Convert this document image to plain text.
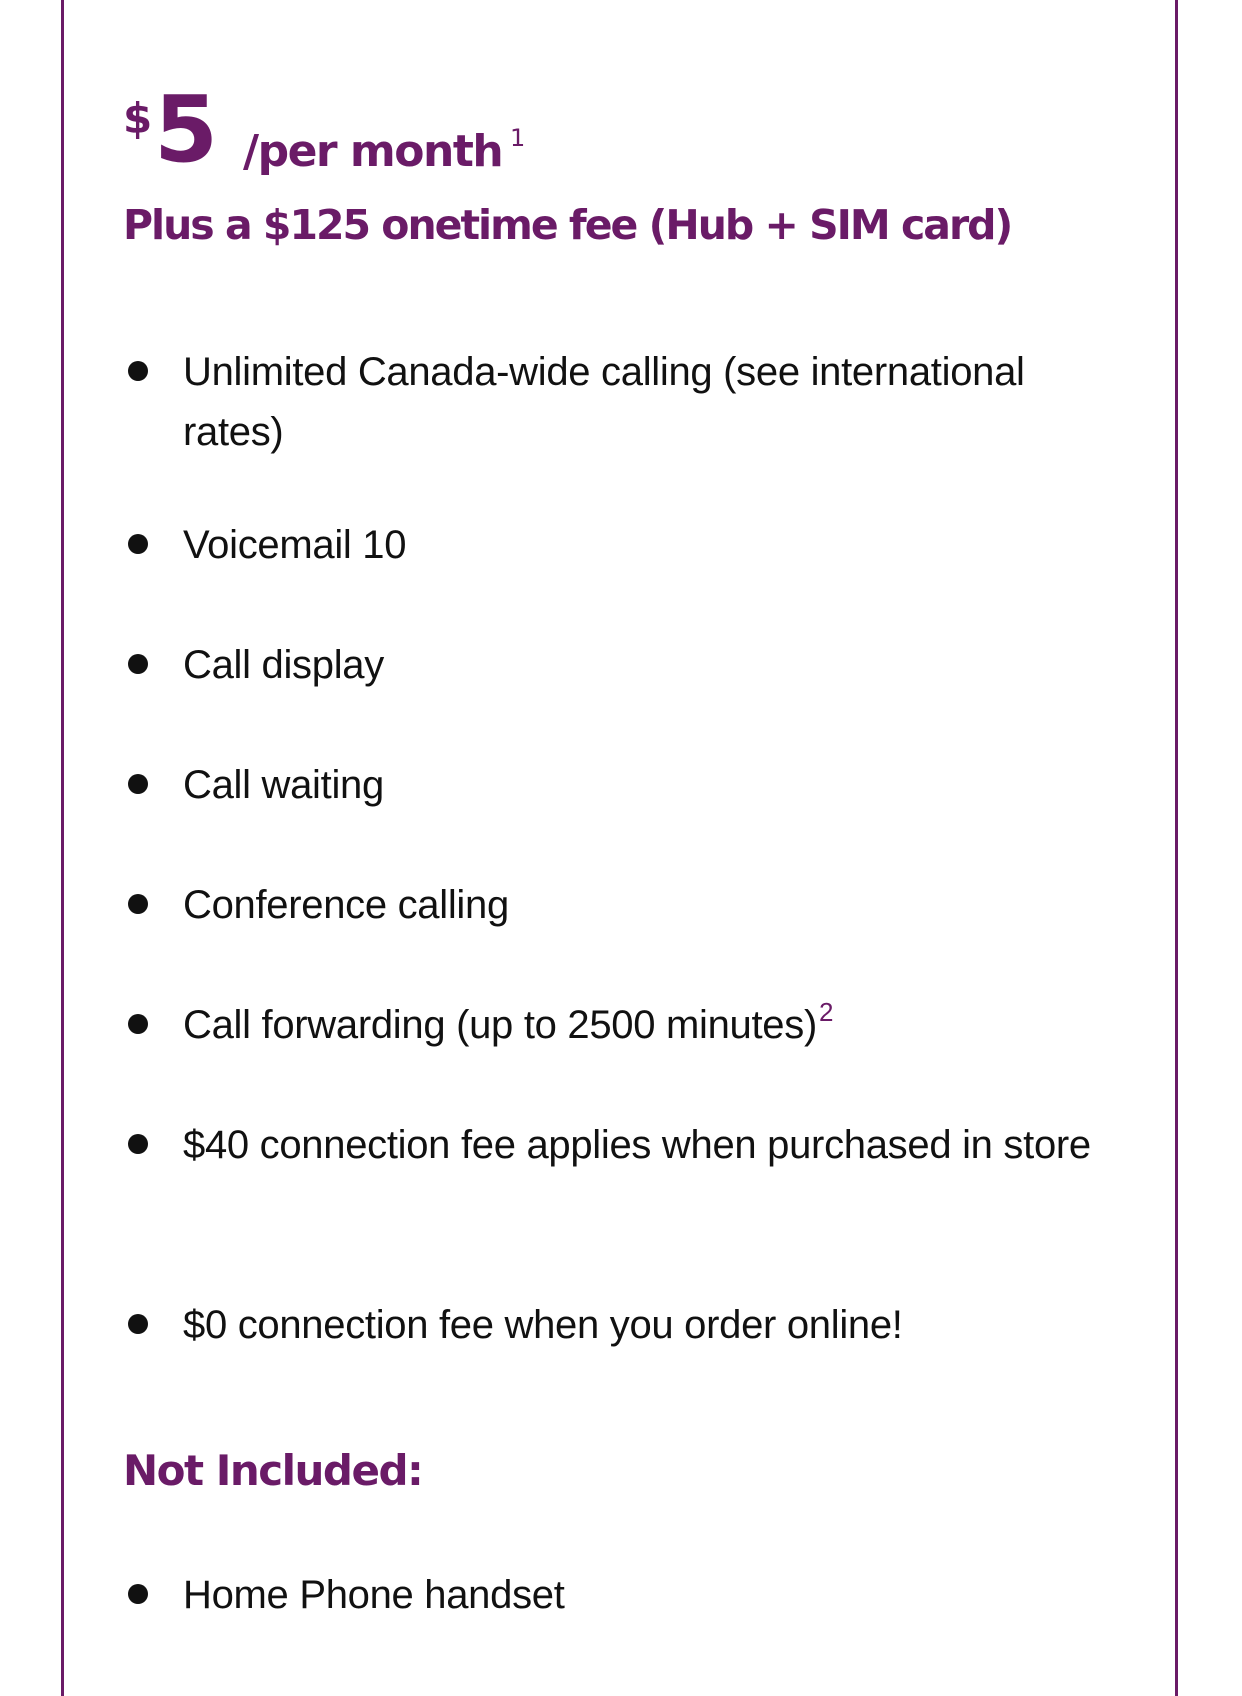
$ 5 /per month 1
Plus a $125 onetime fee (Hub + SIM card)
Unlimited Canada-wide calling (see international rates)
Voicemail 10
Call display
Call waiting
Conference calling
Call forwarding (up to 2500 minutes)$^2$
$40 connection fee applies when purchased in store
$0 connection fee when you order online!
Not Included:
Home Phone handset
